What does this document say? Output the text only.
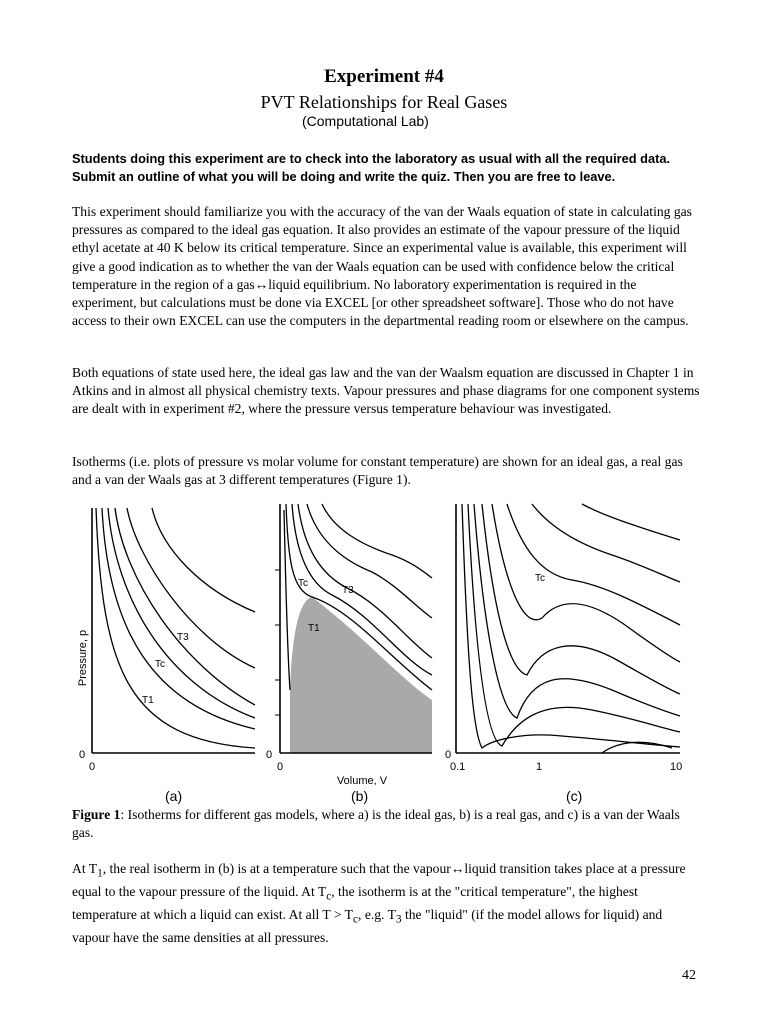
Experiment #4
PVT Relationships for Real Gases
(Computational Lab)

Students doing this experiment are to check into the laboratory as usual with all the required data. Submit an outline of what you will be doing and write the quiz. Then you are free to leave.

This experiment should familiarize you with the accuracy of the van der Waals equation of state in calculating gas pressures as compared to the ideal gas equation. It also provides an estimate of the vapour pressure of the liquid ethyl acetate at 40 K below its critical temperature. Since an experimental value is available, this experiment will give a good indication as to whether the van der Waals equation can be used with confidence below the critical temperature in the region of a gas↔liquid equilibrium. No laboratory experimentation is required in the experiment, but calculations must be done via EXCEL [or other spreadsheet software]. Those who do not have access to their own EXCEL can use the computers in the departmental reading room or elsewhere on the campus.

Both equations of state used here, the ideal gas law and the van der Waalsm equation are discussed in Chapter 1 in Atkins and in almost all physical chemistry texts. Vapour pressures and phase diagrams for one component systems are dealt with in experiment #2, where the pressure versus temperature behaviour was investigated.

Isotherms (i.e. plots of pressure vs molar volume for constant temperature) are shown for an ideal gas, a real gas and a van der Waals gas at 3 different temperatures (Figure 1).

Pressure, p
0
0
T3
Tc
T1
0
0
Tc
T3
T1
0
0.1	1	10
Tc
Volume, V
(a)	(b)	(c)

Figure 1: Isotherms for different gas models, where a) is the ideal gas, b) is a real gas, and c) is a van der Waals gas.

At $T_1$, the real isotherm in (b) is at a temperature such that the vapour↔liquid transition takes place at a pressure equal to the vapour pressure of the liquid. At $T_c$, the isotherm is at the "critical temperature", the highest temperature at which a liquid can exist. At all $T > T_c$, e.g. $T_3$ the "liquid" (if the model allows for liquid) and vapour have the same densities at all pressures.

42
